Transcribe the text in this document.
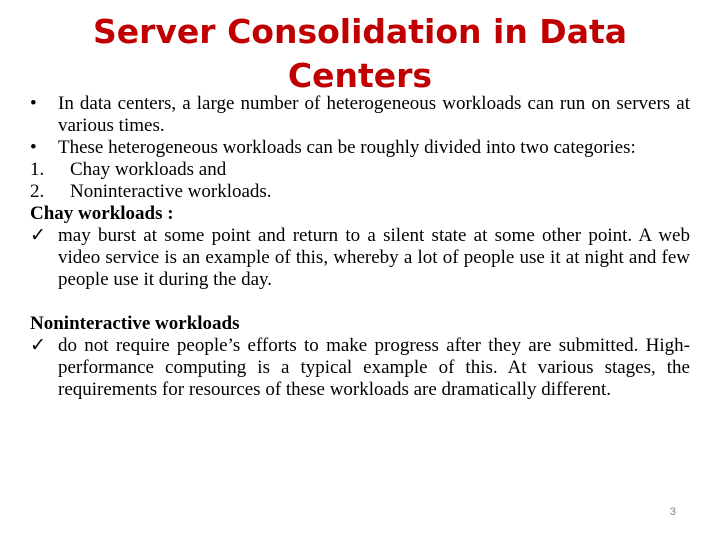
Server Consolidation in Data Centers
•	In data centers, a large number of heterogeneous workloads can run on servers at various times.
•	These heterogeneous workloads can be roughly divided into two categories:
1.	Chay workloads and
2.	Noninteractive workloads.
Chay workloads :
✓ may burst at some point and return to a silent state at some other point. A web video service is an example of this, whereby a lot of people use it at night and few people use it during the day.
Noninteractive workloads
✓ do not require people’s efforts to make progress after they are submitted. High-performance computing is a typical example of this. At various stages, the requirements for resources of these workloads are dramatically different.
3
